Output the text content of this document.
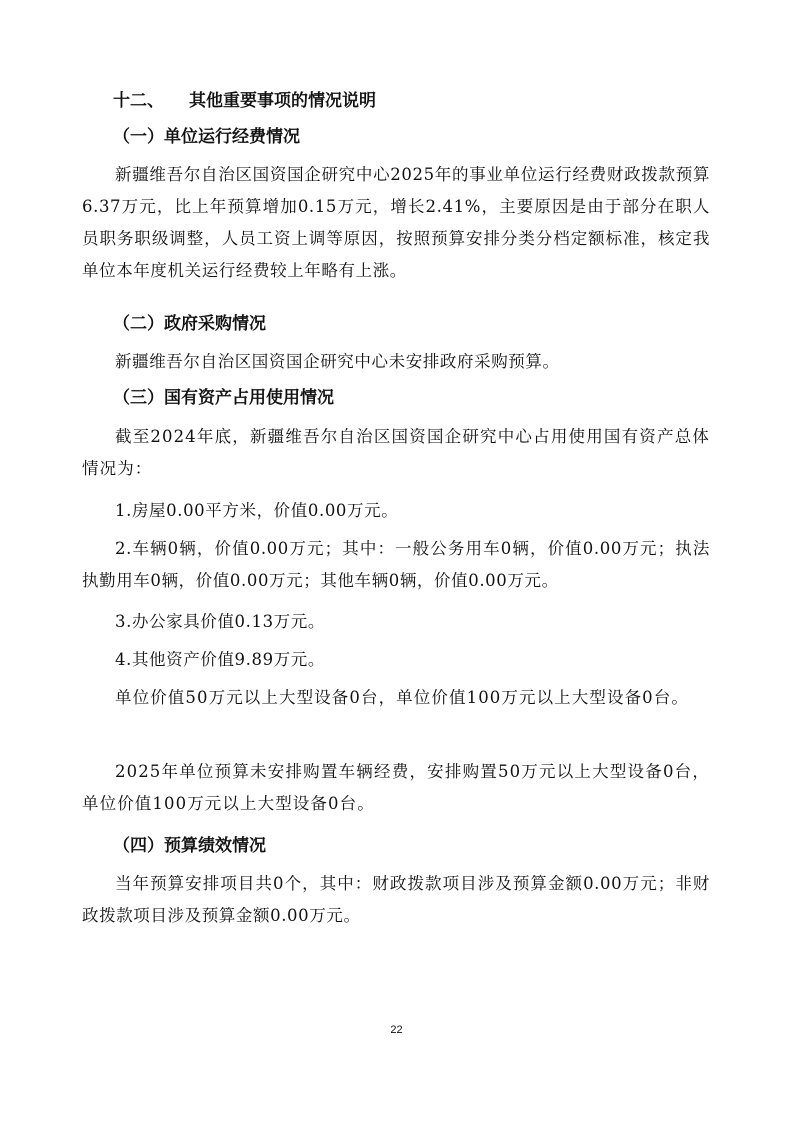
十二、 其他重要事项的情况说明
（一）单位运行经费情况
新疆维吾尔自治区国资国企研究中心2025年的事业单位运行经费财政拨款预算6.37万元，比上年预算增加0.15万元，增长2.41%，主要原因是由于部分在职人员职务职级调整，人员工资上调等原因，按照预算安排分类分档定额标准，核定我单位本年度机关运行经费较上年略有上涨。
（二）政府采购情况
新疆维吾尔自治区国资国企研究中心未安排政府采购预算。
（三）国有资产占用使用情况
截至2024年底，新疆维吾尔自治区国资国企研究中心占用使用国有资产总体情况为：
1.房屋0.00平方米，价值0.00万元。
2.车辆0辆，价值0.00万元；其中：一般公务用车0辆，价值0.00万元；执法执勤用车0辆，价值0.00万元；其他车辆0辆，价值0.00万元。
3.办公家具价值0.13万元。
4.其他资产价值9.89万元。
单位价值50万元以上大型设备0台，单位价值100万元以上大型设备0台。
2025年单位预算未安排购置车辆经费，安排购置50万元以上大型设备0台，单位价值100万元以上大型设备0台。
（四）预算绩效情况
当年预算安排项目共0个，其中：财政拨款项目涉及预算金额0.00万元；非财政拨款项目涉及预算金额0.00万元。
22
